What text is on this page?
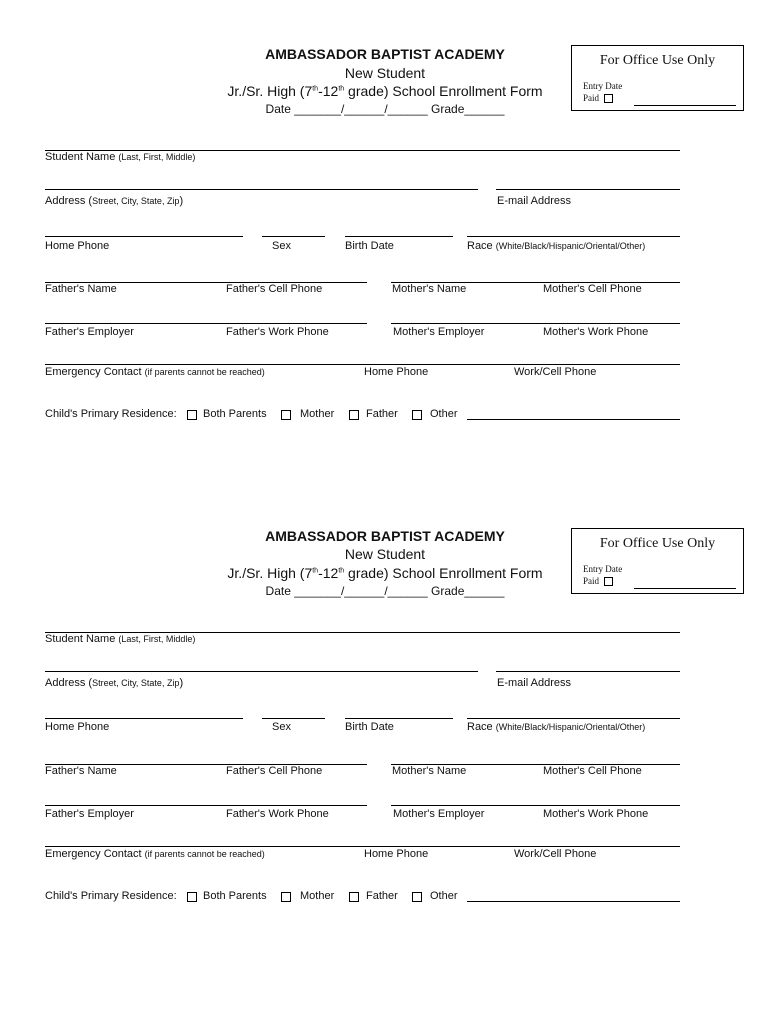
AMBASSADOR BAPTIST ACADEMY
New Student
Jr./Sr. High (7th-12th grade) School Enrollment Form
Date _______/______/______ Grade______
For Office Use Only
Entry Date
Paid
Student Name (Last, First, Middle)
Address (Street, City, State, Zip)	E-mail Address
Home Phone	Sex	Birth Date	Race (White/Black/Hispanic/Oriental/Other)
Father's Name	Father's Cell Phone	Mother's Name	Mother's Cell Phone
Father's Employer	Father's Work Phone	Mother's Employer	Mother's Work Phone
Emergency Contact (if parents cannot be reached)	Home Phone	Work/Cell Phone
Child's Primary Residence: Both Parents	Mother	Father	Other
AMBASSADOR BAPTIST ACADEMY
New Student
Jr./Sr. High (7th-12th grade) School Enrollment Form
Date _______/______/______ Grade______
For Office Use Only
Entry Date
Paid
Student Name (Last, First, Middle)
Address (Street, City, State, Zip)	E-mail Address
Home Phone	Sex	Birth Date	Race (White/Black/Hispanic/Oriental/Other)
Father's Name	Father's Cell Phone	Mother's Name	Mother's Cell Phone
Father's Employer	Father's Work Phone	Mother's Employer	Mother's Work Phone
Emergency Contact (if parents cannot be reached)	Home Phone	Work/Cell Phone
Child's Primary Residence: Both Parents	Mother	Father	Other
